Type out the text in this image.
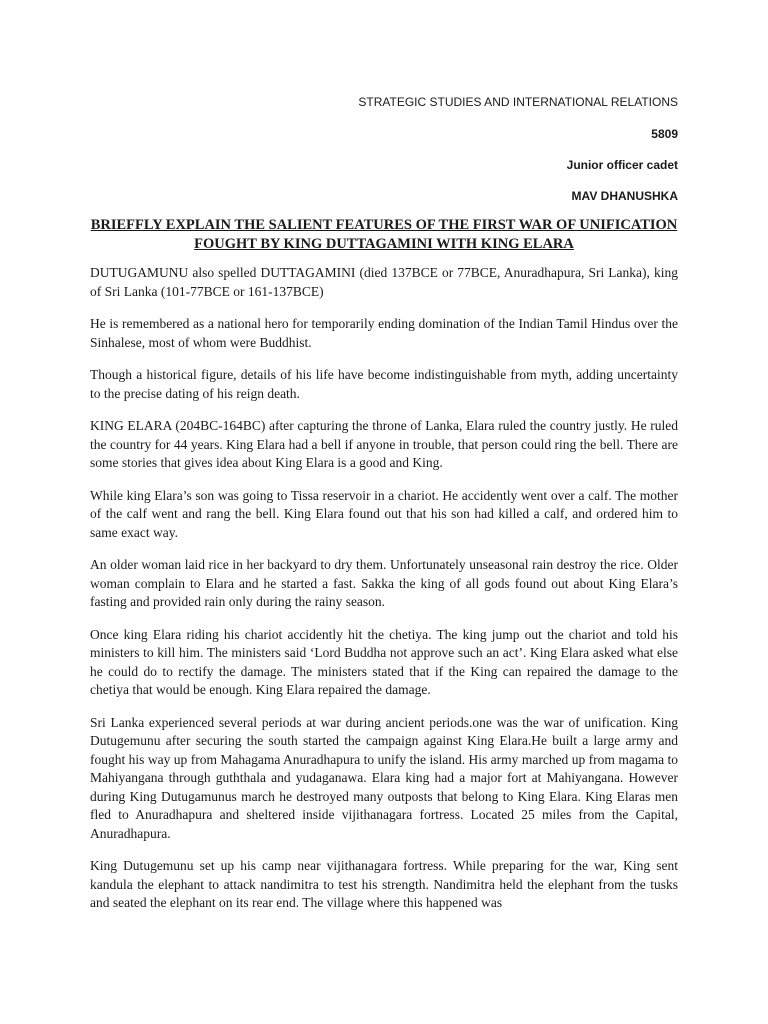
STRATEGIC STUDIES AND INTERNATIONAL RELATIONS
5809
Junior officer cadet
MAV DHANUSHKA
BRIEFFLY EXPLAIN THE SALIENT FEATURES OF THE FIRST WAR OF UNIFICATION FOUGHT BY KING DUTTAGAMINI WITH KING ELARA

DUTUGAMUNU also spelled DUTTAGAMINI (died 137BCE or 77BCE, Anuradhapura, Sri Lanka), king of Sri Lanka (101-77BCE or 161-137BCE)

He is remembered as a national hero for temporarily ending domination of the Indian Tamil Hindus over the Sinhalese, most of whom were Buddhist.

Though a historical figure, details of his life have become indistinguishable from myth, adding uncertainty to the precise dating of his reign death.

KING ELARA (204BC-164BC) after capturing the throne of Lanka, Elara ruled the country justly. He ruled the country for 44 years. King Elara had a bell if anyone in trouble, that person could ring the bell. There are some stories that gives idea about King Elara is a good and King.

While king Elara’s son was going to Tissa reservoir in a chariot. He accidently went over a calf. The mother of the calf went and rang the bell. King Elara found out that his son had killed a calf, and ordered him to same exact way.

An older woman laid rice in her backyard to dry them. Unfortunately unseasonal rain destroy the rice. Older woman complain to Elara and he started a fast. Sakka the king of all gods found out about King Elara’s fasting and provided rain only during the rainy season.

Once king Elara riding his chariot accidently hit the chetiya. The king jump out the chariot and told his ministers to kill him. The ministers said ‘Lord Buddha not approve such an act’. King Elara asked what else he could do to rectify the damage. The ministers stated that if the King can repaired the damage to the chetiya that would be enough. King Elara repaired the damage.

Sri Lanka experienced several periods at war during ancient periods.one was the war of unification. King Dutugemunu after securing the south started the campaign against King Elara.He built a large army and fought his way up from Mahagama Anuradhapura to unify the island. His army marched up from magama to Mahiyangana through guththala and yudaganawa. Elara king had a major fort at Mahiyangana. However during King Dutugamunus march he destroyed many outposts that belong to King Elara. King Elaras men fled to Anuradhapura and sheltered inside vijithanagara fortress. Located 25 miles from the Capital, Anuradhapura.

King Dutugemunu set up his camp near vijithanagara fortress. While preparing for the war, King sent kandula the elephant to attack nandimitra to test his strength. Nandimitra held the elephant from the tusks and seated the elephant on its rear end. The village where this happened was
